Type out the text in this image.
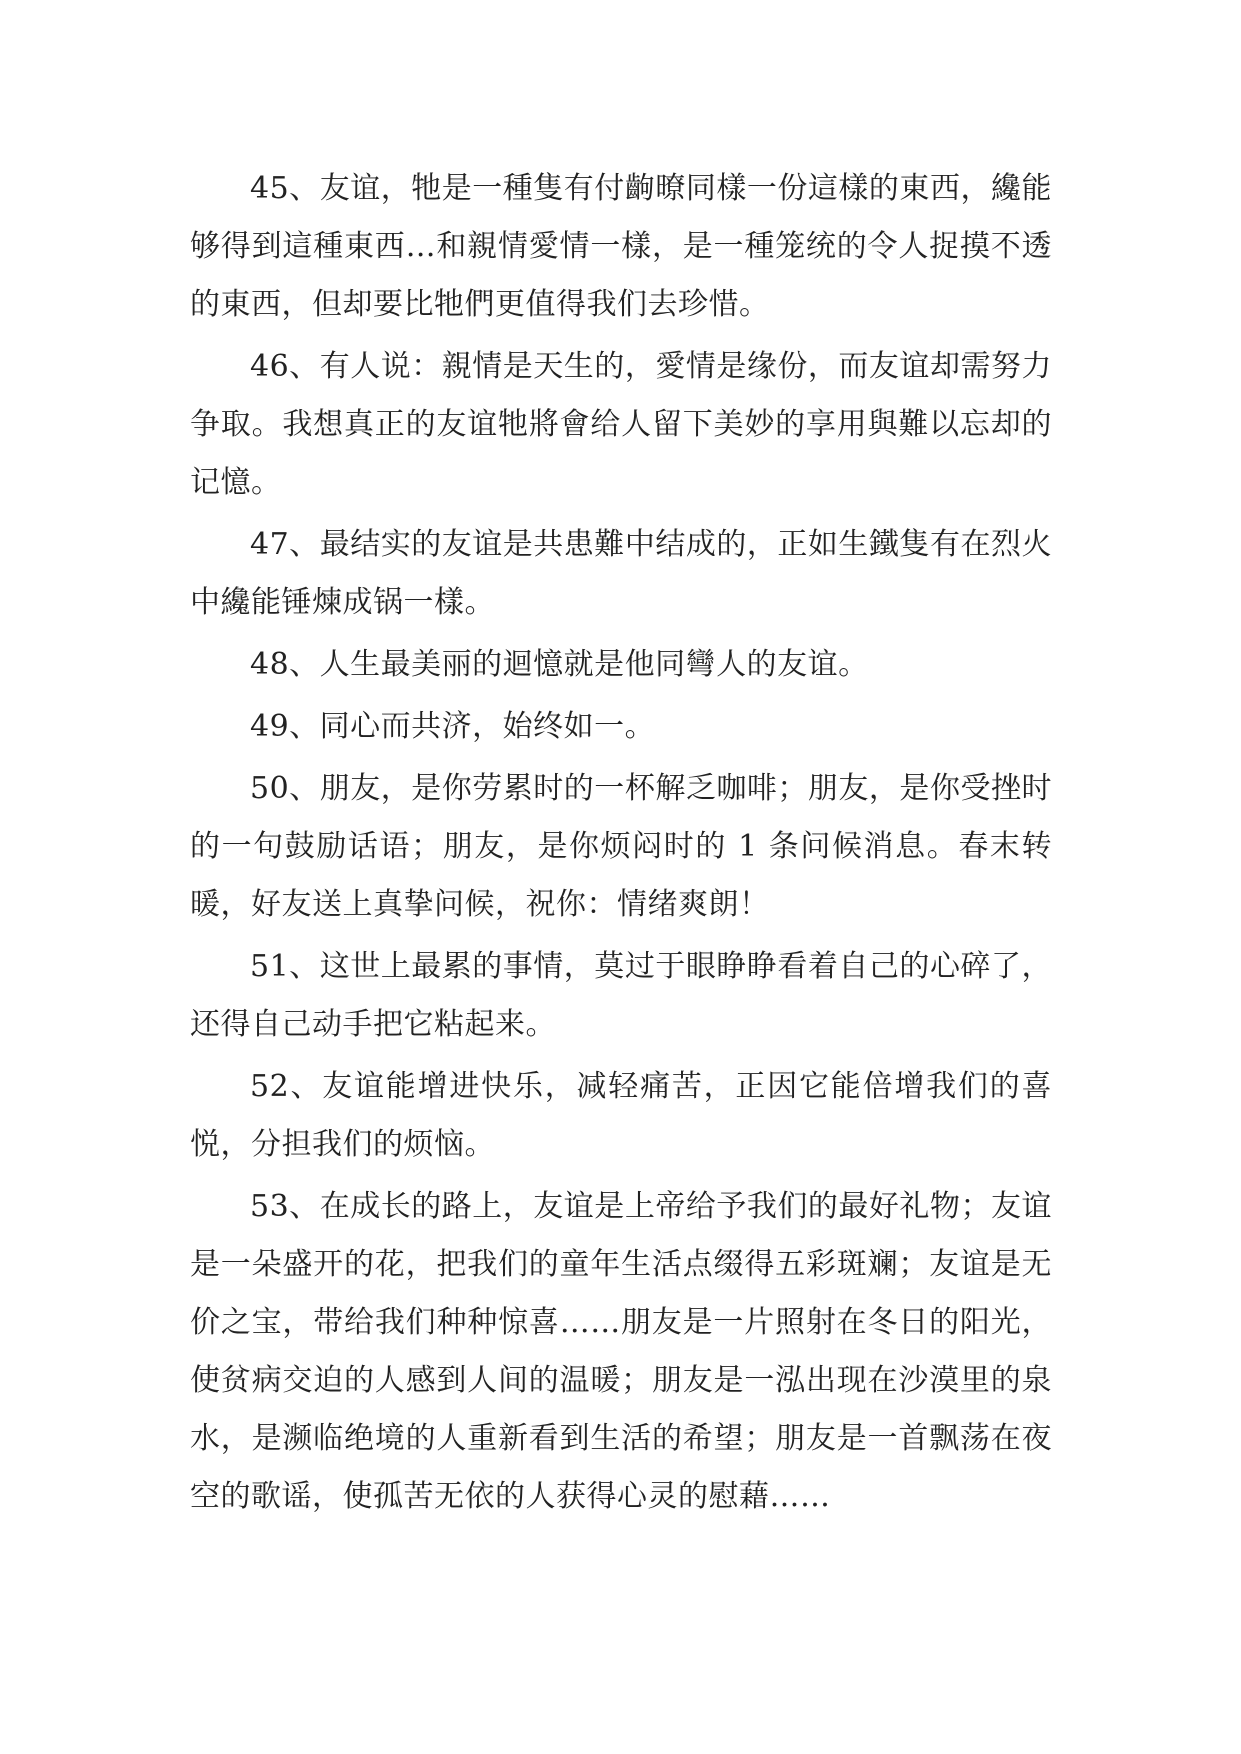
45、友谊，牠是一種隻有付齣暸同樣一份這樣的東西，纔能够得到這種東西…和親情愛情一樣，是一種笼统的令人捉摸不透的東西，但却要比牠們更值得我们去珍惜。

46、有人说：親情是天生的，愛情是缘份，而友谊却需努力争取。我想真正的友谊牠將會给人留下美妙的享用與難以忘却的记憶。

47、最结实的友谊是共患難中结成的，正如生鐵隻有在烈火中纔能锤煉成锅一樣。

48、人生最美丽的迴憶就是他同彎人的友谊。

49、同心而共济，始终如一。

50、朋友，是你劳累时的一杯解乏咖啡；朋友，是你受挫时的一句鼓励话语；朋友，是你烦闷时的 1 条问候消息。春末转暖，好友送上真挚问候，祝你：情绪爽朗！

51、这世上最累的事情，莫过于眼睁睁看着自己的心碎了，还得自己动手把它粘起来。

52、友谊能增进快乐，减轻痛苦，正因它能倍增我们的喜悦，分担我们的烦恼。

53、在成长的路上，友谊是上帝给予我们的最好礼物；友谊是一朵盛开的花，把我们的童年生活点缀得五彩斑斓；友谊是无价之宝，带给我们种种惊喜……朋友是一片照射在冬日的阳光，使贫病交迫的人感到人间的温暖；朋友是一泓出现在沙漠里的泉水，是濒临绝境的人重新看到生活的希望；朋友是一首飘荡在夜空的歌谣，使孤苦无依的人获得心灵的慰藉……
